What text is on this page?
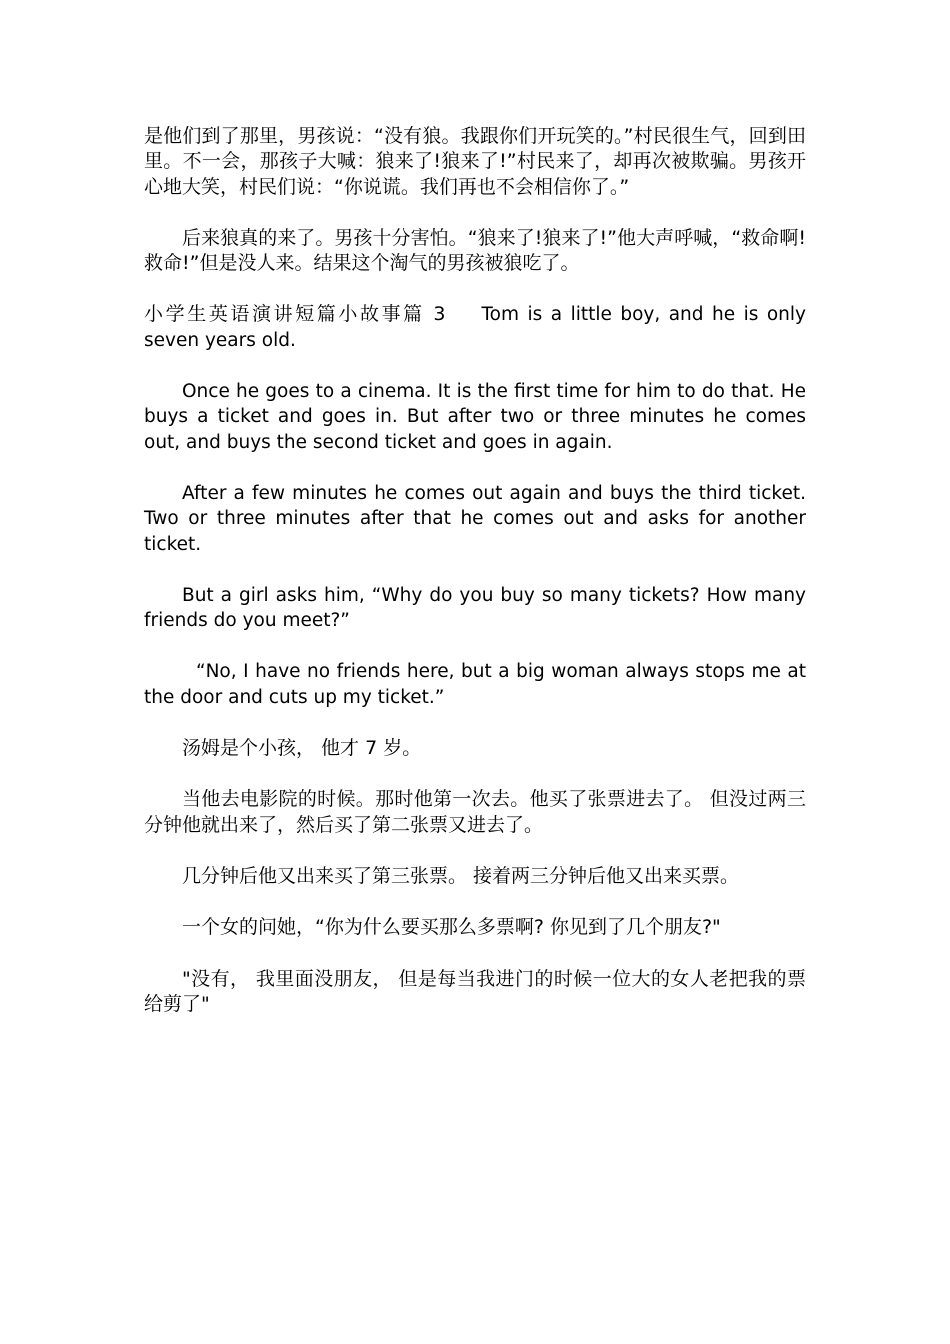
是他们到了那里，男孩说：“没有狼。我跟你们开玩笑的。”村民很生气，回到田里。不一会，那孩子大喊：狼来了!狼来了!”村民来了，却再次被欺骗。男孩开心地大笑，村民们说：“你说谎。我们再也不会相信你了。”

后来狼真的来了。男孩十分害怕。“狼来了!狼来了!”他大声呼喊，“救命啊!救命!”但是没人来。结果这个淘气的男孩被狼吃了。

小学生英语演讲短篇小故事篇 3 Tom is a little boy, and he is only seven years old.

Once he goes to a cinema. It is the first time for him to do that. He buys a ticket and goes in. But after two or three minutes he comes out, and buys the second ticket and goes in again.

After a few minutes he comes out again and buys the third ticket. Two or three minutes after that he comes out and asks for another ticket.

But a girl asks him, “Why do you buy so many tickets? How many friends do you meet?”

“No, I have no friends here, but a big woman always stops me at the door and cuts up my ticket.”

汤姆是个小孩， 他才 7 岁。

当他去电影院的时候。那时他第一次去。他买了张票进去了。 但没过两三分钟他就出来了，然后买了第二张票又进去了。

几分钟后他又出来买了第三张票。 接着两三分钟后他又出来买票。

一个女的问她，“你为什么要买那么多票啊? 你见到了几个朋友?"

"没有， 我里面没朋友， 但是每当我进门的时候一位大的女人老把我的票给剪了"
